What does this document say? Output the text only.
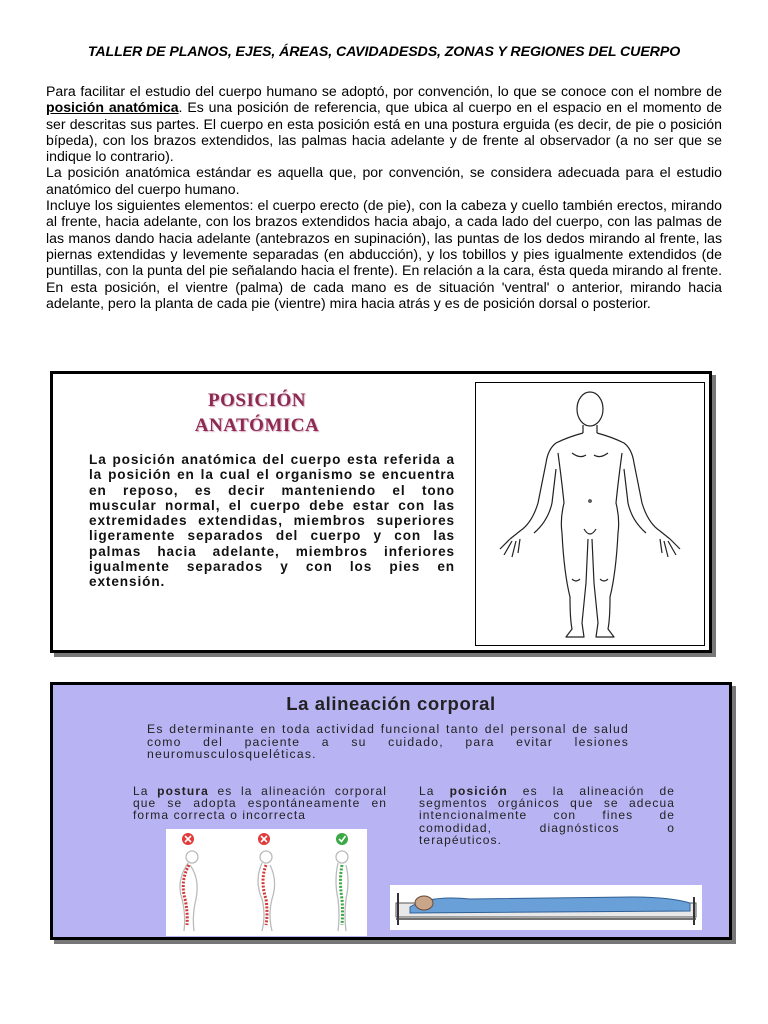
TALLER DE PLANOS, EJES, ÁREAS, CAVIDADESDS, ZONAS Y REGIONES DEL CUERPO

Para facilitar el estudio del cuerpo humano se adoptó, por convención, lo que se conoce con el nombre de posición anatómica. Es una posición de referencia, que ubica al cuerpo en el espacio en el momento de ser descritas sus partes. El cuerpo en esta posición está en una postura erguida (es decir, de pie o posición bípeda), con los brazos extendidos, las palmas hacia adelante y de frente al observador (a no ser que se indique lo contrario).

La posición anatómica estándar es aquella que, por convención, se considera adecuada para el estudio anatómico del cuerpo humano.

Incluye los siguientes elementos: el cuerpo erecto (de pie), con la cabeza y cuello también erectos, mirando al frente, hacia adelante, con los brazos extendidos hacia abajo, a cada lado del cuerpo, con las palmas de las manos dando hacia adelante (antebrazos en supinación), las puntas de los dedos mirando al frente, las piernas extendidas y levemente separadas (en abducción), y los tobillos y pies igualmente extendidos (de puntillas, con la punta del pie señalando hacia el frente). En relación a la cara, ésta queda mirando al frente. En esta posición, el vientre (palma) de cada mano es de situación 'ventral' o anterior, mirando hacia adelante, pero la planta de cada pie (vientre) mira hacia atrás y es de posición dorsal o posterior.

POSICIÓN
ANATÓMICA
La posición anatómica del cuerpo esta referida a la posición en la cual el organismo se encuentra en reposo, es decir manteniendo el tono muscular normal, el cuerpo debe estar con las extremidades extendidas, miembros superiores ligeramente separados del cuerpo y con las palmas hacia adelante, miembros inferiores igualmente separados y con los pies en extensión.
La alineación corporal
Es determinante en toda actividad funcional tanto del personal de salud como del paciente a su cuidado, para evitar lesiones neuromusculosqueléticas.
La postura es la alineación corporal que se adopta espontáneamente en forma correcta o incorrecta
La posición es la alineación de segmentos orgánicos que se adecua intencionalmente con fines de comodidad, diagnósticos o terapéuticos.
